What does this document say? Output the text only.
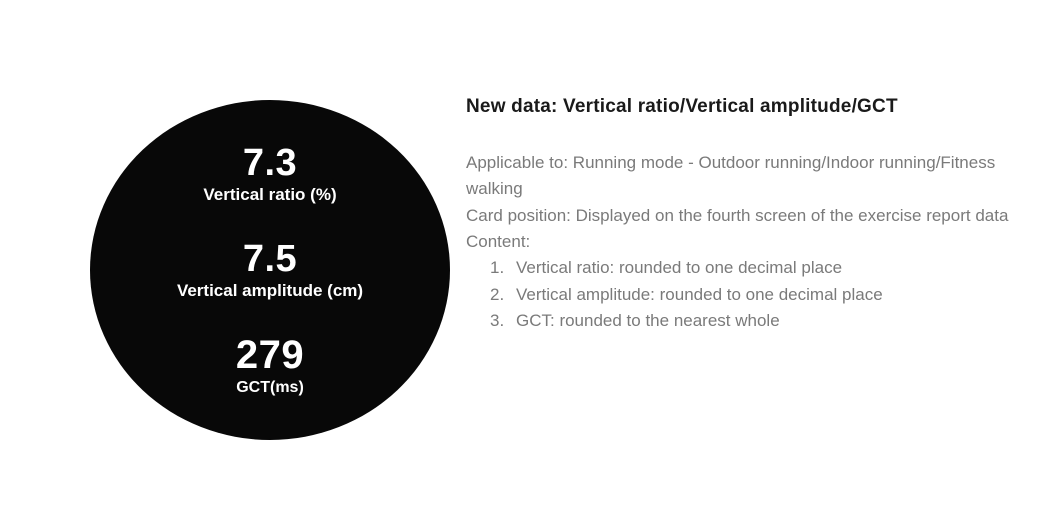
7.3
Vertical ratio (%)
7.5
Vertical amplitude (cm)
279
GCT(ms)
New data: Vertical ratio/Vertical amplitude/GCT
Applicable to: Running mode - Outdoor running/Indoor running/Fitness walking
Card position: Displayed on the fourth screen of the exercise report data
Content:
1. Vertical ratio: rounded to one decimal place
2. Vertical amplitude: rounded to one decimal place
3. GCT: rounded to the nearest whole
